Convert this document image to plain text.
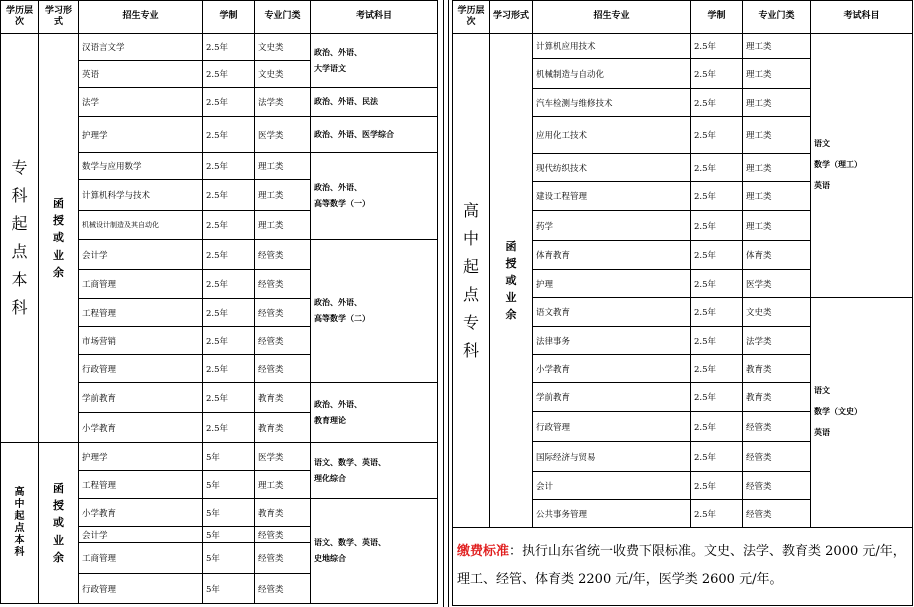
学历层次	学习形式	招生专业	学制	专业门类	考试科目
专科起点本科	函授或业余	汉语言文学	2.5年	文史类	政治、外语、
大学语文

		英语	2.5年	文史类	
		法学	2.5年	法学类	政治、外语、民法
		护理学	2.5年	医学类	政治、外语、医学综合
		数学与应用数学	2.5年	理工类	政治、外语、
高等数学（一）

		计算机科学与技术	2.5年	理工类	
		机械设计制造及其自动化	2.5年	理工类	
		会计学	2.5年	经管类	政治、外语、
高等数学（二）

		工商管理	2.5年	经管类	
		工程管理	2.5年	经管类	
		市场营销	2.5年	经管类	
		行政管理	2.5年	经管类	
		学前教育	2.5年	教育类	政治、外语、
教育理论

		小学教育	2.5年	教育类	
高中起点本科	函授或业余	护理学	5年	医学类	语文、数学、英语、
理化综合

		工程管理	5年	理工类	
		小学教育	5年	教育类	语文、数学、英语、
史地综合

		会计学	5年	经管类	
		工商管理	5年	经管类	
		行政管理	5年	经管类	
学历层次	学习形式	招生专业	学制	专业门类	考试科目
高中起点专科	函授或业余	计算机应用技术	2.5年	理工类	语文
数学（理工）
英语

		机械制造与自动化	2.5年	理工类	
		汽车检测与维修技术	2.5年	理工类	
		应用化工技术	2.5年	理工类	
		现代纺织技术	2.5年	理工类	
		建设工程管理	2.5年	理工类	
		药学	2.5年	理工类	
		体育教育	2.5年	体育类	
		护理	2.5年	医学类	
		语文教育	2.5年	文史类	语文
数学（文史）
英语

		法律事务	2.5年	法学类	
		小学教育	2.5年	教育类	
		学前教育	2.5年	教育类	
		行政管理	2.5年	经管类	
		国际经济与贸易	2.5年	经管类	
		会计	2.5年	经管类	
		公共事务管理	2.5年	经管类	
缴费标准：执行山东省统一收费下限标准。文史、法学、教育类 2000 元/年，理工、经管、体育类 2200 元/年，医学类 2600 元/年。					
